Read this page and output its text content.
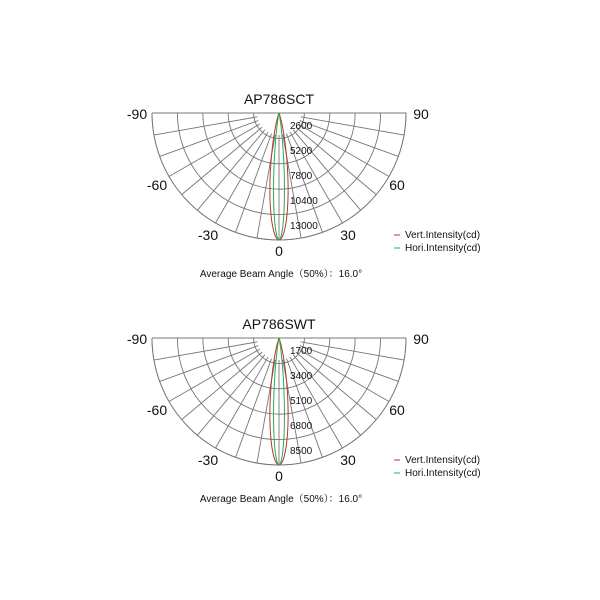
AP786SCT
-90
-60
-30
0
30
60
90
2600
5200
7800
10400
13000
Vert.Intensity(cd)
Hori.Intensity(cd)
Average Beam Angle（50%）：16.0°
AP786SWT
-90
-60
-30
0
30
60
90
1700
3400
5100
6800
8500
Vert.Intensity(cd)
Hori.Intensity(cd)
Average Beam Angle（50%）：16.0°
